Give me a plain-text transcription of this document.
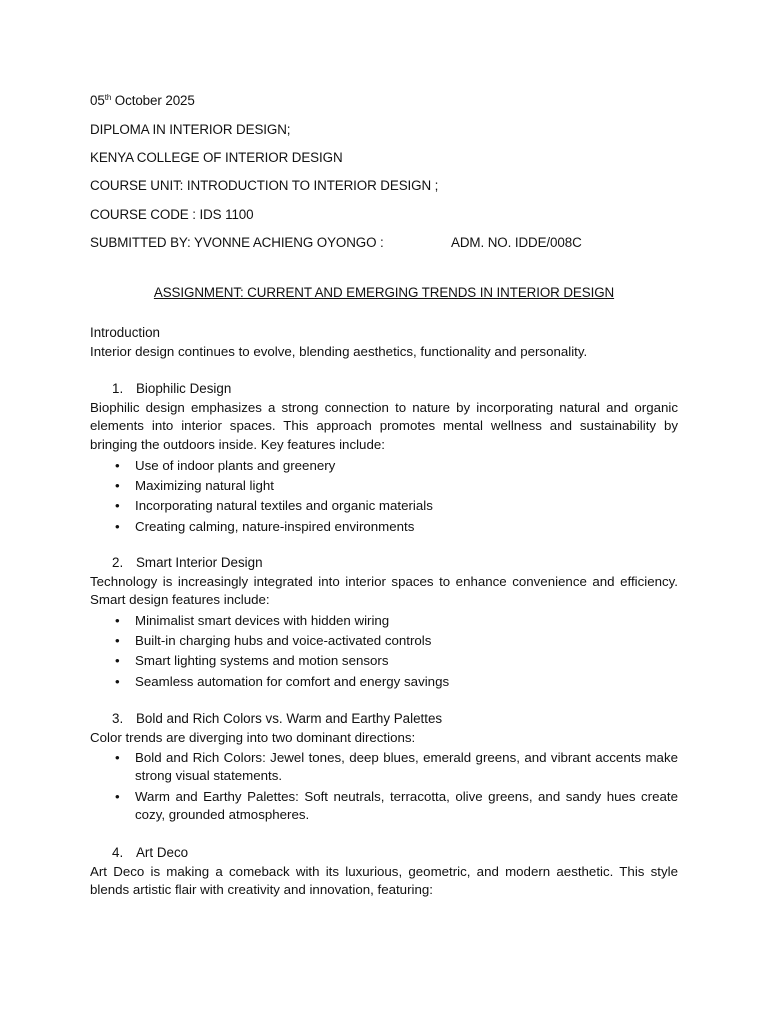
05th October 2025
DIPLOMA IN INTERIOR DESIGN;
KENYA COLLEGE OF INTERIOR DESIGN
COURSE UNIT: INTRODUCTION TO INTERIOR DESIGN ;
COURSE CODE : IDS 1100
SUBMITTED BY: YVONNE ACHIENG OYONGO :	ADM. NO. IDDE/008C
ASSIGNMENT: CURRENT AND EMERGING TRENDS IN INTERIOR DESIGN
Introduction
Interior design continues to evolve, blending aesthetics, functionality and personality.
1. Biophilic Design
Biophilic design emphasizes a strong connection to nature by incorporating natural and organic elements into interior spaces. This approach promotes mental wellness and sustainability by bringing the outdoors inside. Key features include:
• Use of indoor plants and greenery
• Maximizing natural light
• Incorporating natural textiles and organic materials
• Creating calming, nature-inspired environments
2. Smart Interior Design
Technology is increasingly integrated into interior spaces to enhance convenience and efficiency. Smart design features include:
• Minimalist smart devices with hidden wiring
• Built-in charging hubs and voice-activated controls
• Smart lighting systems and motion sensors
• Seamless automation for comfort and energy savings
3. Bold and Rich Colors vs. Warm and Earthy Palettes
Color trends are diverging into two dominant directions:
• Bold and Rich Colors: Jewel tones, deep blues, emerald greens, and vibrant accents make strong visual statements.
• Warm and Earthy Palettes: Soft neutrals, terracotta, olive greens, and sandy hues create cozy, grounded atmospheres.
4. Art Deco
Art Deco is making a comeback with its luxurious, geometric, and modern aesthetic. This style blends artistic flair with creativity and innovation, featuring:
